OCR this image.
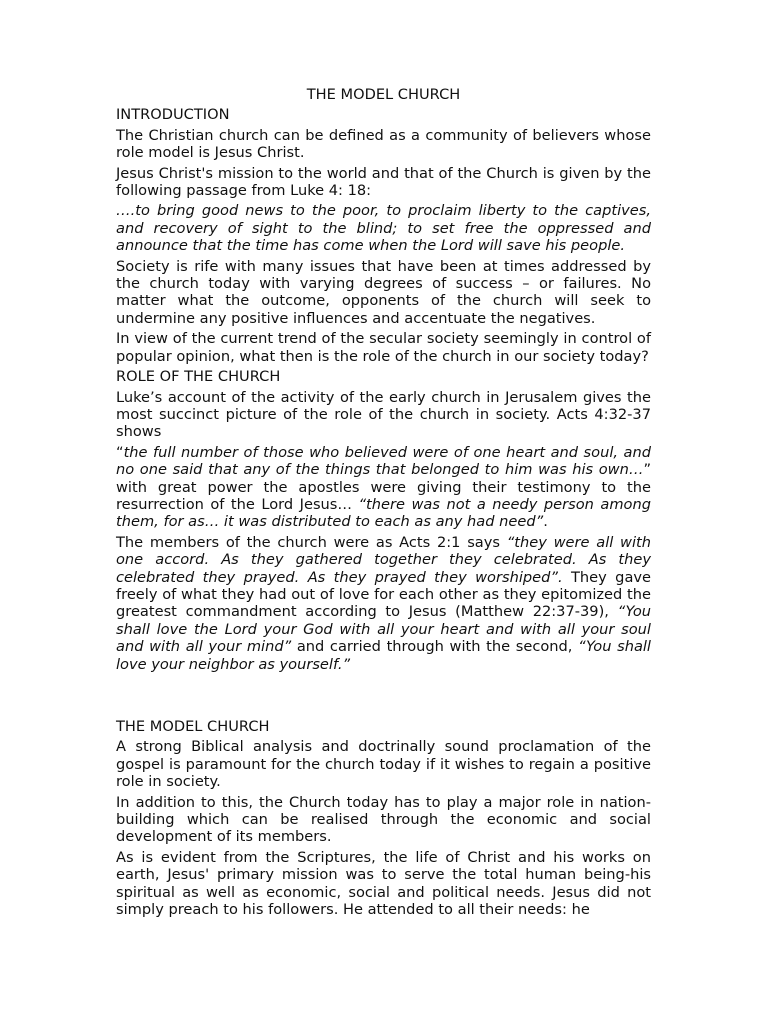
THE MODEL CHURCH
INTRODUCTION
The Christian church can be defined as a community of believers whose role model is Jesus Christ.
Jesus Christ's mission to the world and that of the Church is given by the following passage from Luke 4: 18:
….to bring good news to the poor, to proclaim liberty to the captives, and recovery of sight to the blind; to set free the oppressed and announce that the time has come when the Lord will save his people.
Society is rife with many issues that have been at times addressed by the church today with varying degrees of success – or failures. No matter what the outcome, opponents of the church will seek to undermine any positive influences and accentuate the negatives.
In view of the current trend of the secular society seemingly in control of popular opinion, what then is the role of the church in our society today?
ROLE OF THE CHURCH
Luke’s account of the activity of the early church in Jerusalem gives the most succinct picture of the role of the church in society. Acts 4:32-37 shows
“the full number of those who believed were of one heart and soul, and no one said that any of the things that belonged to him was his own…” with great power the apostles were giving their testimony to the resurrection of the Lord Jesus… “there was not a needy person among them, for as… it was distributed to each as any had need”.
The members of the church were as Acts 2:1 says “they were all with one accord. As they gathered together they celebrated. As they celebrated they prayed. As they prayed they worshiped”. They gave freely of what they had out of love for each other as they epitomized the greatest commandment according to Jesus (Matthew 22:37-39), “You shall love the Lord your God with all your heart and with all your soul and with all your mind” and carried through with the second, “You shall love your neighbor as yourself.”
THE MODEL CHURCH
A strong Biblical analysis and doctrinally sound proclamation of the gospel is paramount for the church today if it wishes to regain a positive role in society.
In addition to this, the Church today has to play a major role in nation-building which can be realised through the economic and social development of its members.
As is evident from the Scriptures, the life of Christ and his works on earth, Jesus' primary mission was to serve the total human being-his spiritual as well as economic, social and political needs. Jesus did not simply preach to his followers. He attended to all their needs: he
